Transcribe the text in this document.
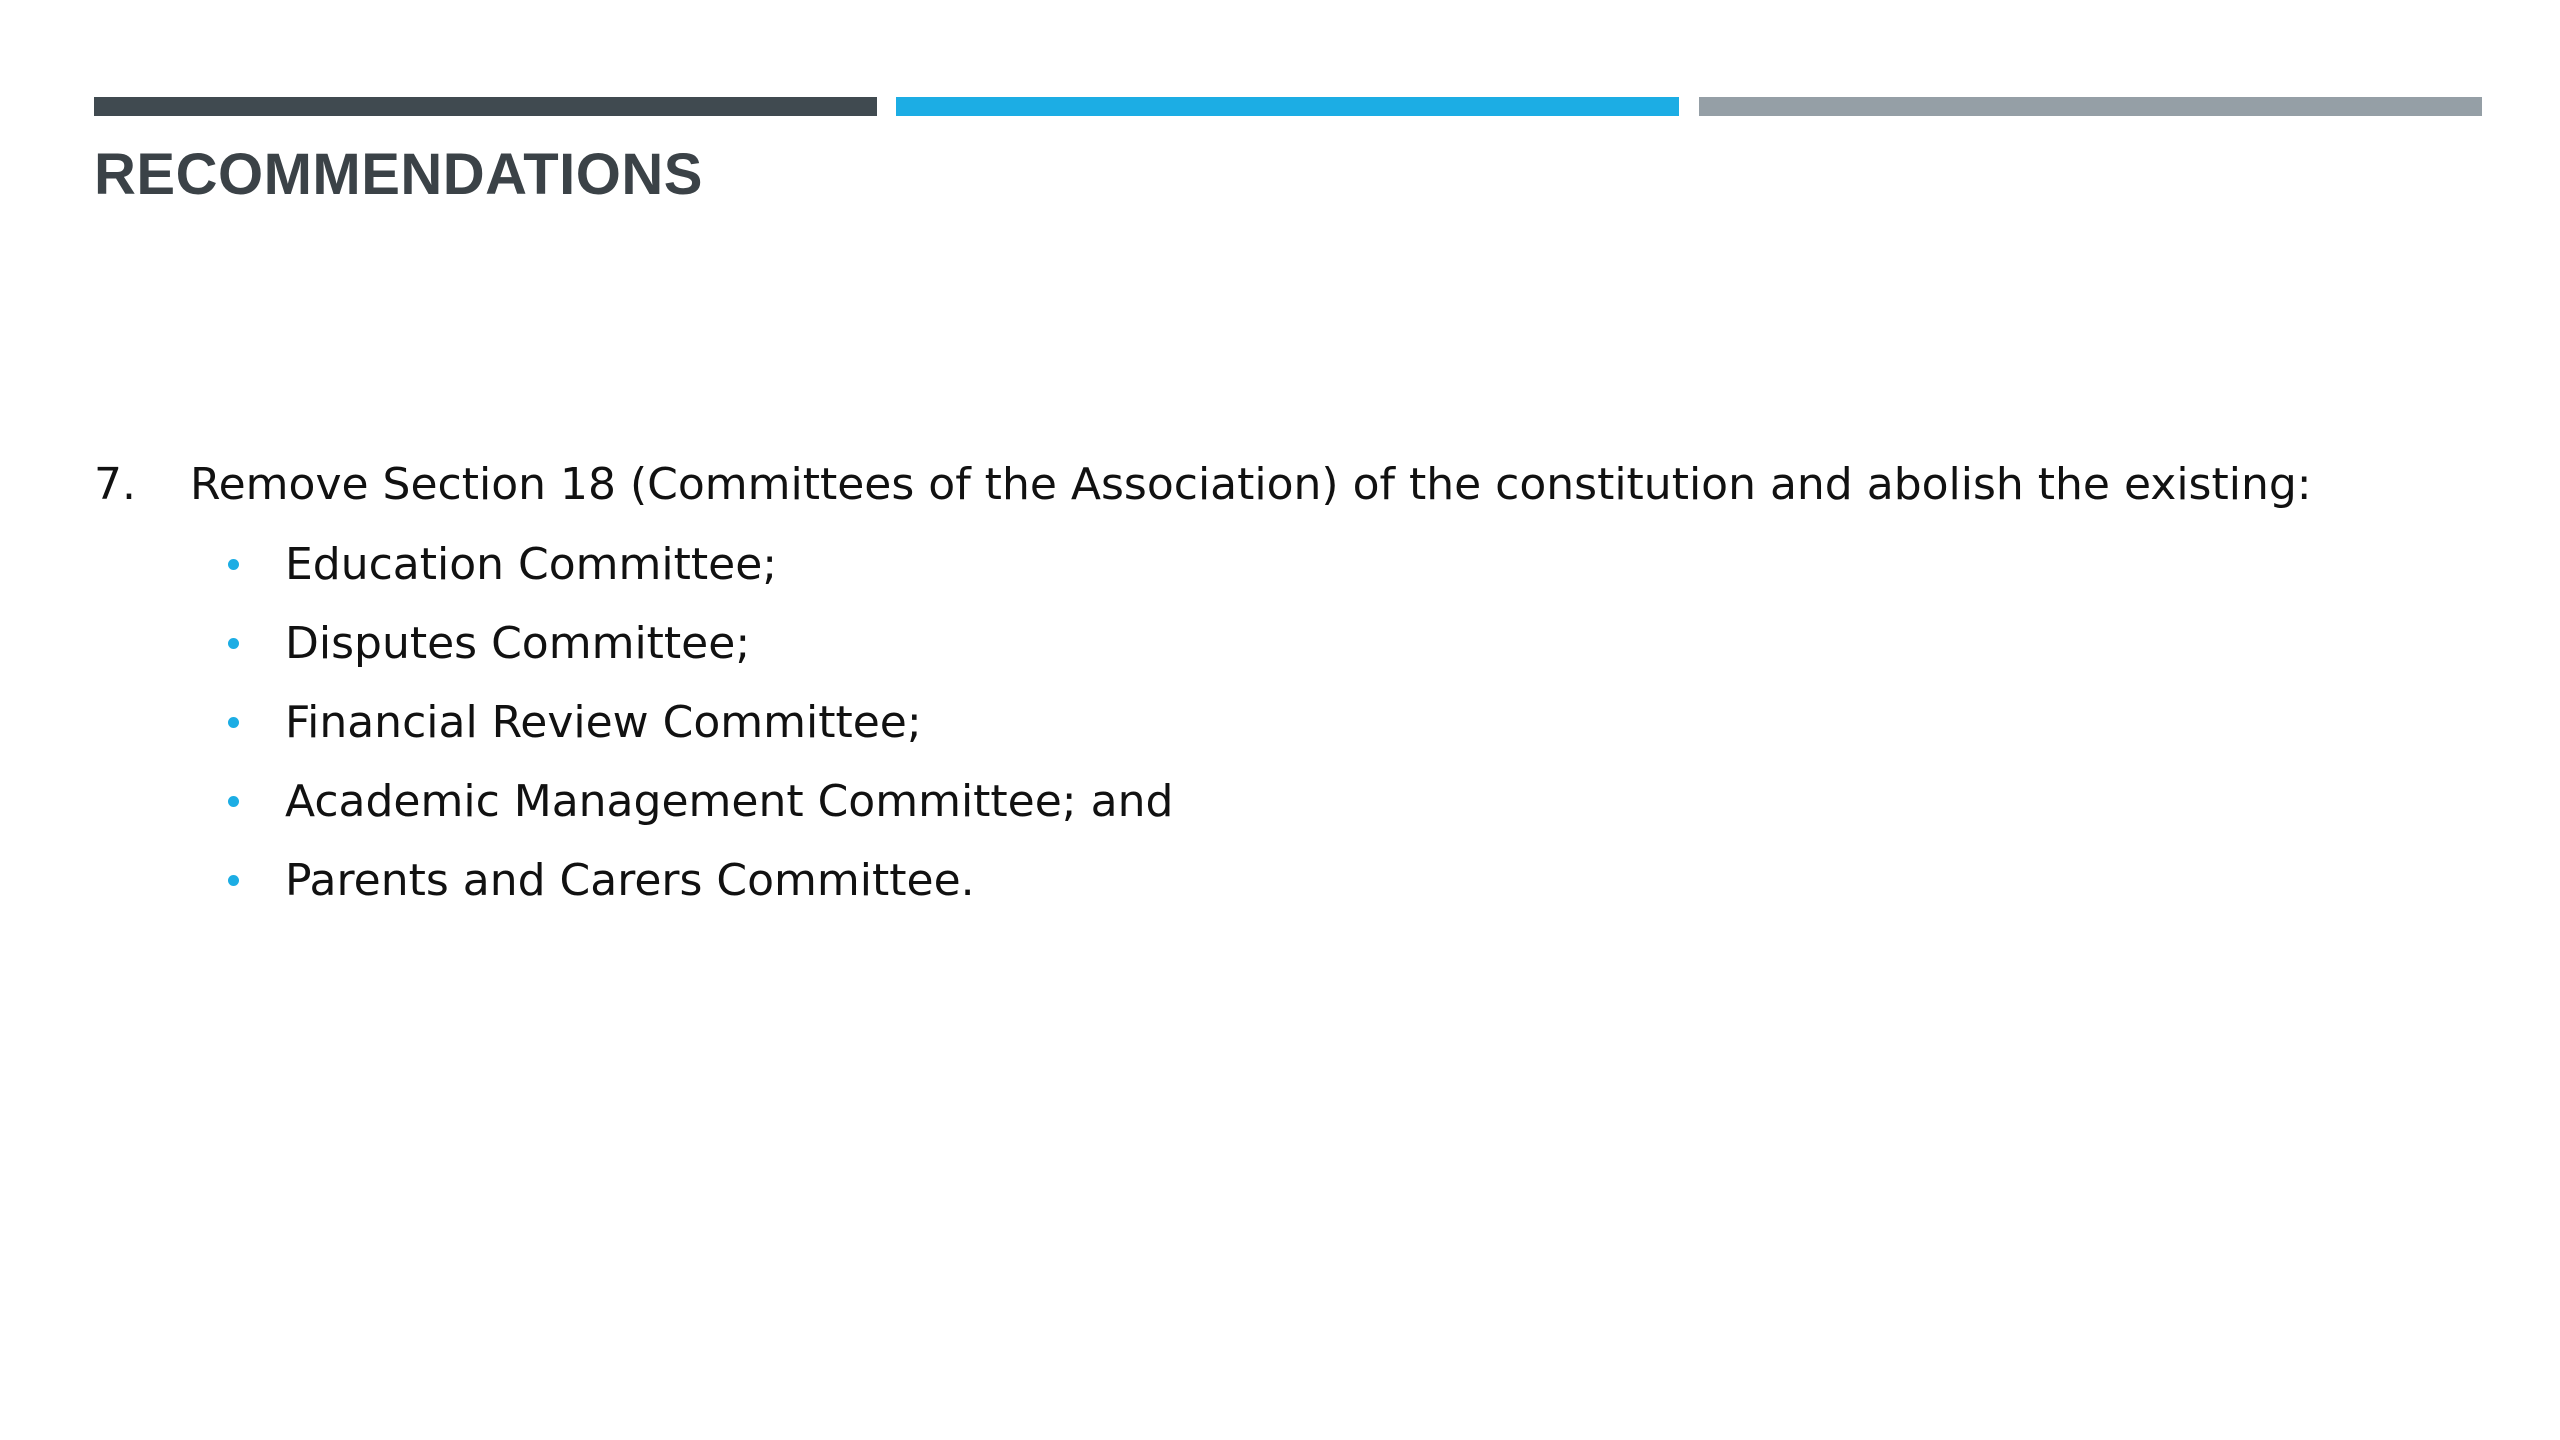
RECOMMENDATIONS
7.	Remove Section 18 (Committees of the Association) of the constitution and abolish the existing:
Education Committee;
Disputes Committee;
Financial Review Committee;
Academic Management Committee; and
Parents and Carers Committee.
